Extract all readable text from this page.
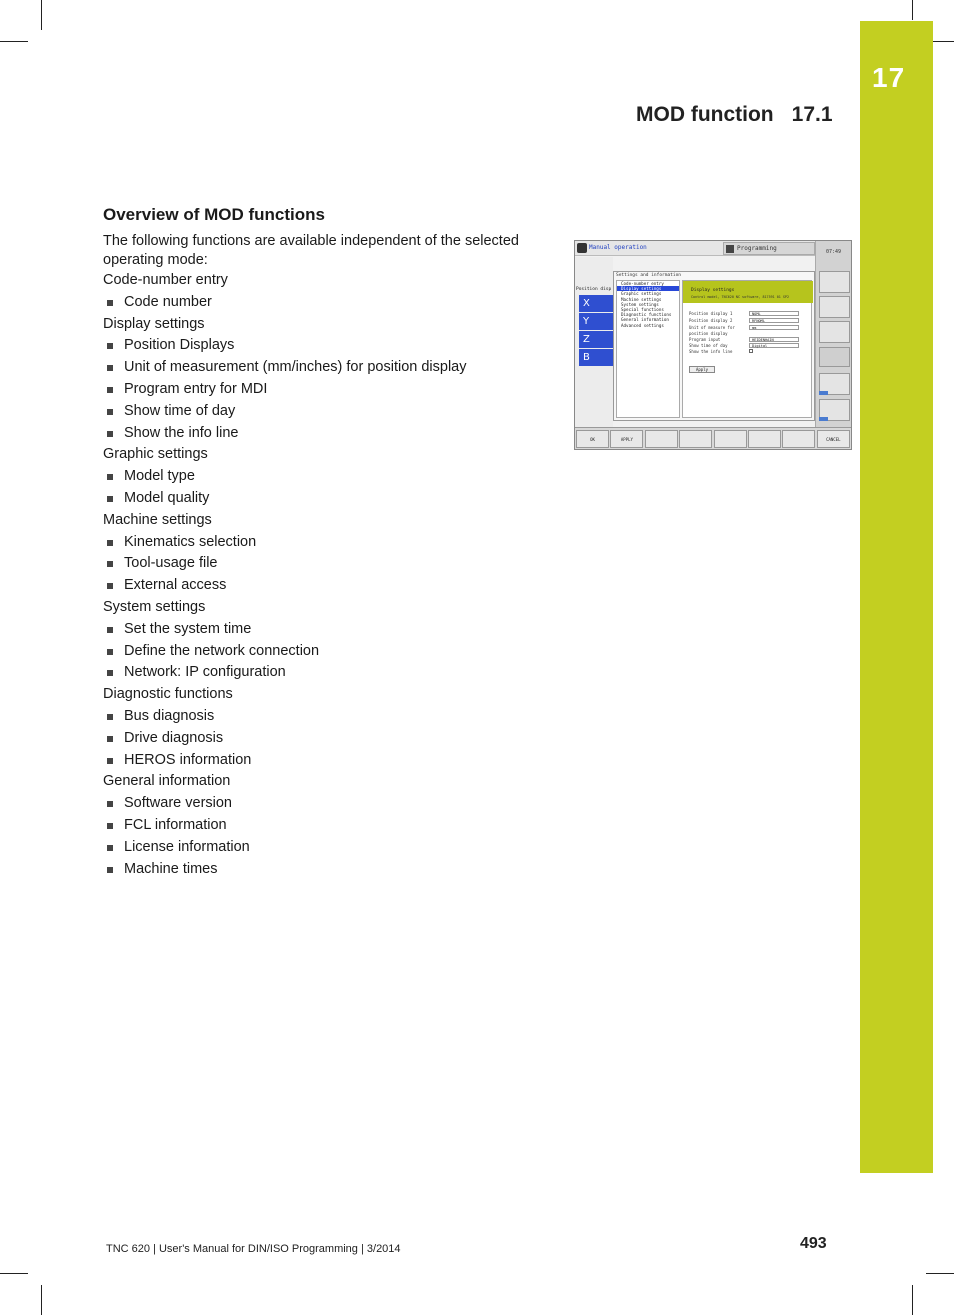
17
MOD function 17.1
Overview of MOD functions

The following functions are available independent of the selected operating mode:

Code-number entry

Code number

Display settings

Position Displays

Unit of measurement (mm/inches) for position display

Program entry for MDI

Show time of day

Show the info line

Graphic settings

Model type

Model quality

Machine settings

Kinematics selection

Tool-usage file

External access

System settings

Set the system time

Define the network connection

Network: IP configuration

Diagnostic functions

Bus diagnosis

Drive diagnosis

HEROS information

General information

Software version

FCL information

License information

Machine times

Manual operation	Programming	07:49
Position disp
X
Y
Z
B
Settings and information
Code-number entry
Display settings
Graphic settings
Machine settings
System settings
Special functions
Diagnostic functions
General information
Advanced settings
Display settings
Control model, TNC620 NC software, 817591 01 SP2
Position display 1	NOML
Position display 2	RFNOML
Unit of measure for	mm
position display
Program input	HEIDENHAIN
Show time of day	Digital
Show the info line
Apply
OK	APPLY	CANCEL
TNC 620 | User's Manual for DIN/ISO Programming | 3/2014	493
